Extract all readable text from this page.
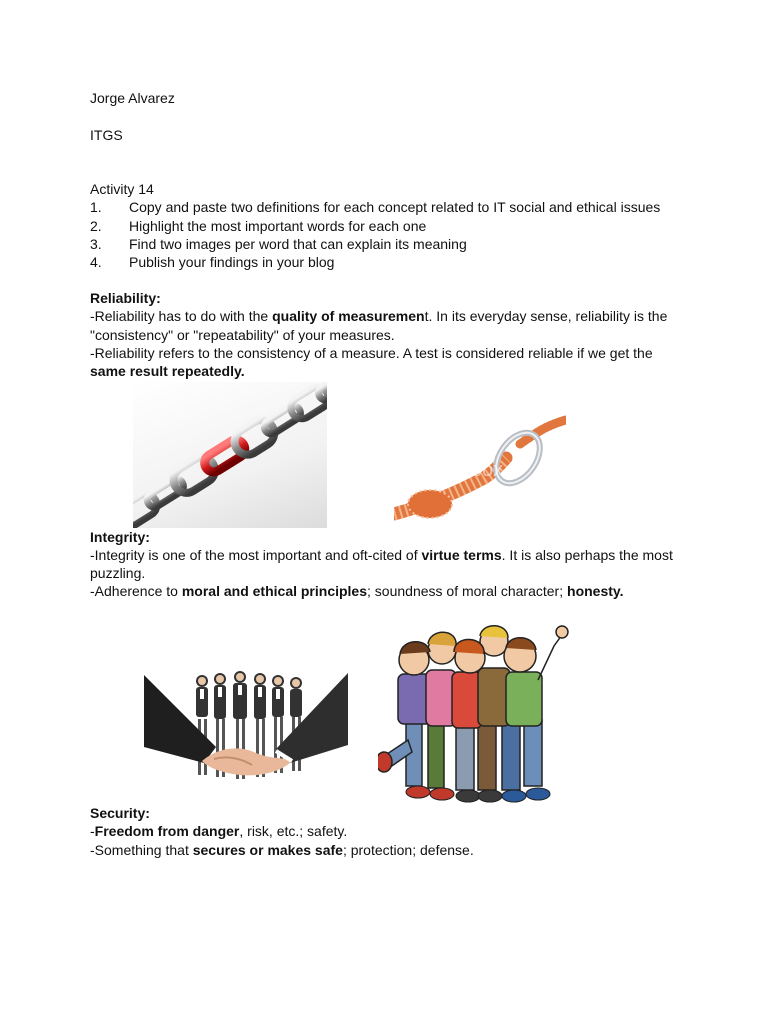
Jorge Alvarez
ITGS
Activity 14
1. Copy and paste two definitions for each concept related to IT social and ethical issues
2. Highlight the most important words for each one
3. Find two images per word that can explain its meaning
4. Publish your findings in your blog
Reliability:
-Reliability has to do with the quality of measurement. In its everyday sense, reliability is the
"consistency" or "repeatability" of your measures.
-Reliability refers to the consistency of a measure. A test is considered reliable if we get the
same result repeatedly.
Colourbox
Integrity:
-Integrity is one of the most important and oft-cited of virtue terms. It is also perhaps the most
puzzling.
-Adherence to moral and ethical principles; soundness of moral character; honesty.
Security:
-Freedom from danger, risk, etc.; safety.
-Something that secures or makes safe; protection; defense.
